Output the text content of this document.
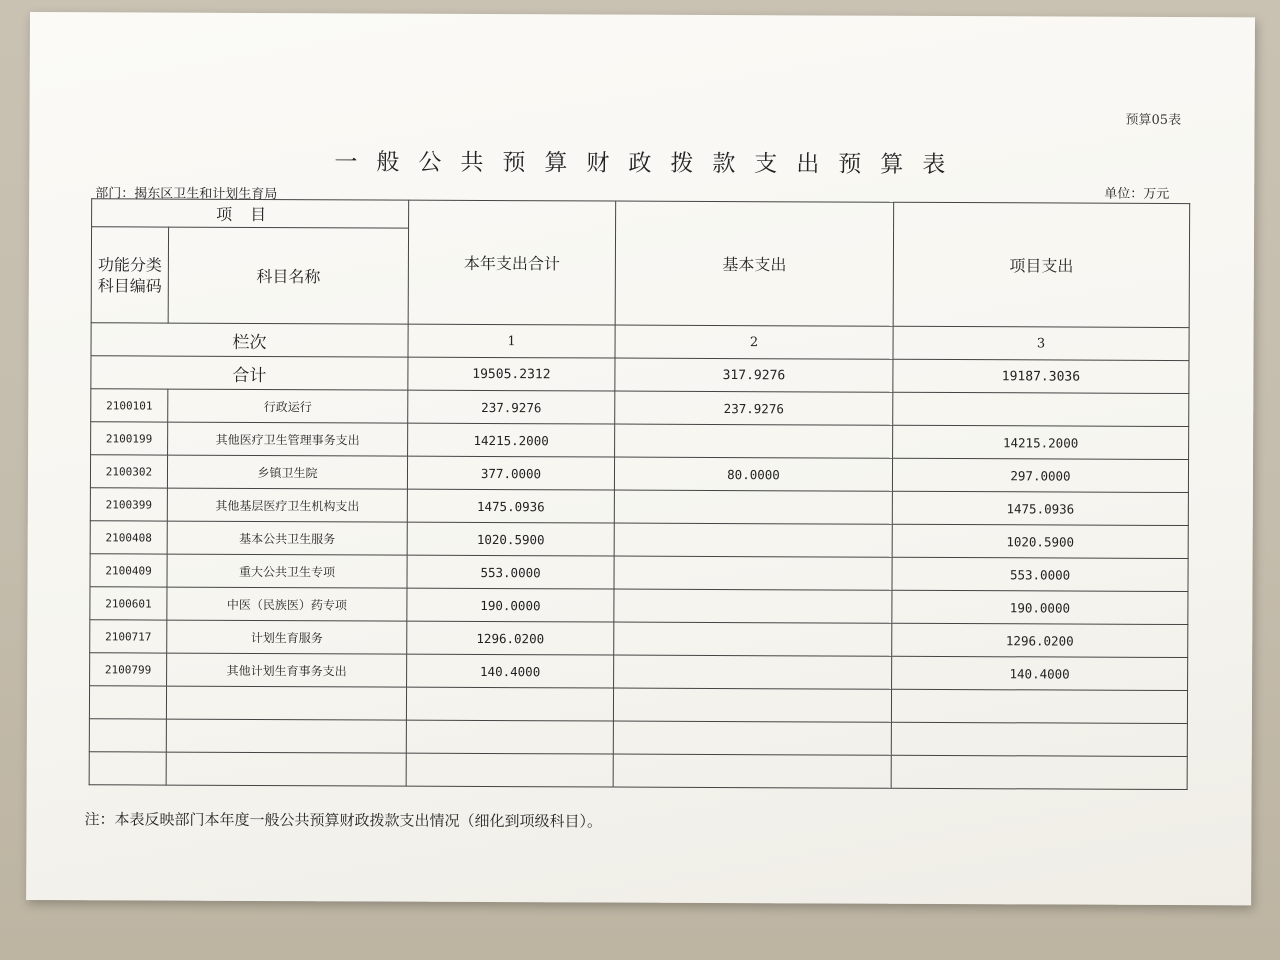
预算05表
一般公共预算财政拨款支出预算表
部门：揭东区卫生和计划生育局	单位：万元
项目		本年支出合计	基本支出	项目支出

功能分类
科目编码	科目名称			
栏次		1	2	3
合计		19505.2312	317.9276	19187.3036
2100101	行政运行	237.9276	237.9276	
2100199	其他医疗卫生管理事务支出	14215.2000		14215.2000
2100302	乡镇卫生院	377.0000	80.0000	297.0000
2100399	其他基层医疗卫生机构支出	1475.0936		1475.0936
2100408	基本公共卫生服务	1020.5900		1020.5900
2100409	重大公共卫生专项	553.0000		553.0000
2100601	中医（民族医）药专项	190.0000		190.0000
2100717	计划生育服务	1296.0200		1296.0200
2100799	其他计划生育事务支出	140.4000		140.4000

注：本表反映部门本年度一般公共预算财政拨款支出情况（细化到项级科目）。
